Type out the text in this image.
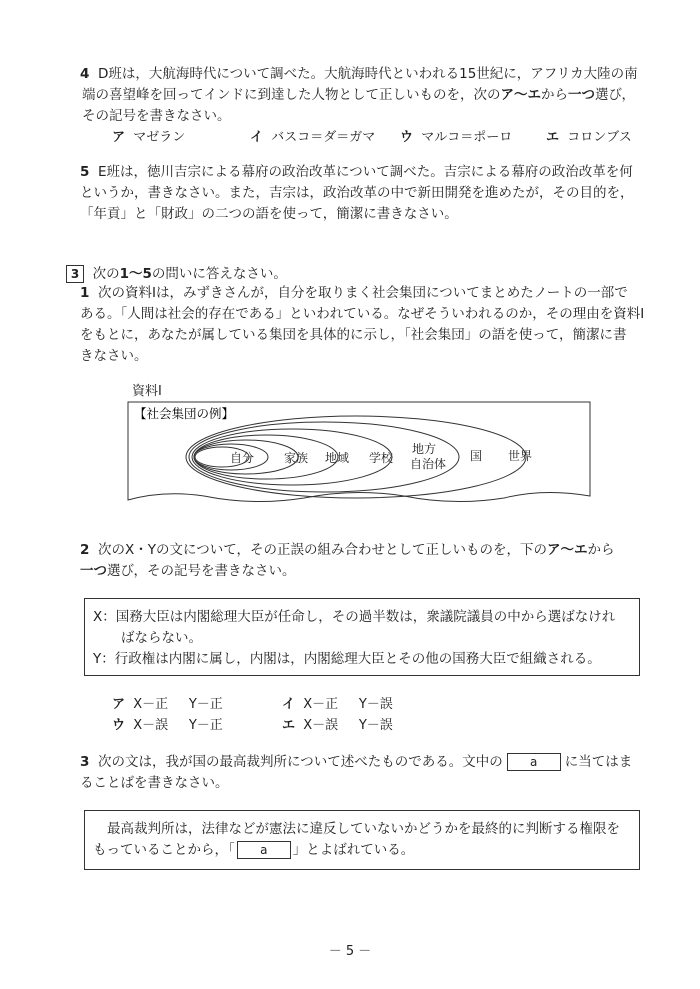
4 D班は，大航海時代について調べた。大航海時代といわれる15世紀に，アフリカ大陸の南
端の喜望峰を回ってインドに到達した人物として正しいものを，次のア～エから一つ選び，
その記号を書きなさい。
ア マゼラン	イ バスコ＝ダ＝ガマ ウ マルコ＝ポーロ	エ コロンブス
5 E班は，徳川吉宗による幕府の政治改革について調べた。吉宗による幕府の政治改革を何
というか，書きなさい。また，吉宗は，政治改革の中で新田開発を進めたが，その目的を，
「年貢」と「財政」の二つの語を使って，簡潔に書きなさい。
3 次の1～5の問いに答えなさい。
1 次の資料Ⅰは，みずきさんが，自分を取りまく社会集団についてまとめたノートの一部で
ある。「人間は社会的存在である」といわれている。なぜそういわれるのか，その理由を資料Ⅰ
をもとに，あなたが属している集団を具体的に示し，「社会集団」の語を使って，簡潔に書
きなさい。
資料Ⅰ
【社会集団の例】
自分 家族 地域 学校
地方
自治体
国 世界
2 次のX・Yの文について，その正誤の組み合わせとして正しいものを，下のア～エから
一つ選び，その記号を書きなさい。
X：国務大臣は内閣総理大臣が任命し，その過半数は，衆議院議員の中から選ばなけれ
ばならない。
Y：行政権は内閣に属し，内閣は，内閣総理大臣とその他の国務大臣で組織される。
ア X－正 Y－正	イ X－正 Y－誤
ウ X－誤 Y－正	エ X－誤 Y－誤
3 次の文は，我が国の最高裁判所について述べたものである。文中の a に当てはま
ることばを書きなさい。
最高裁判所は，法律などが憲法に違反していないかどうかを最終的に判断する権限を
もっていることから，「 a 」とよばれている。
－ 5 －
